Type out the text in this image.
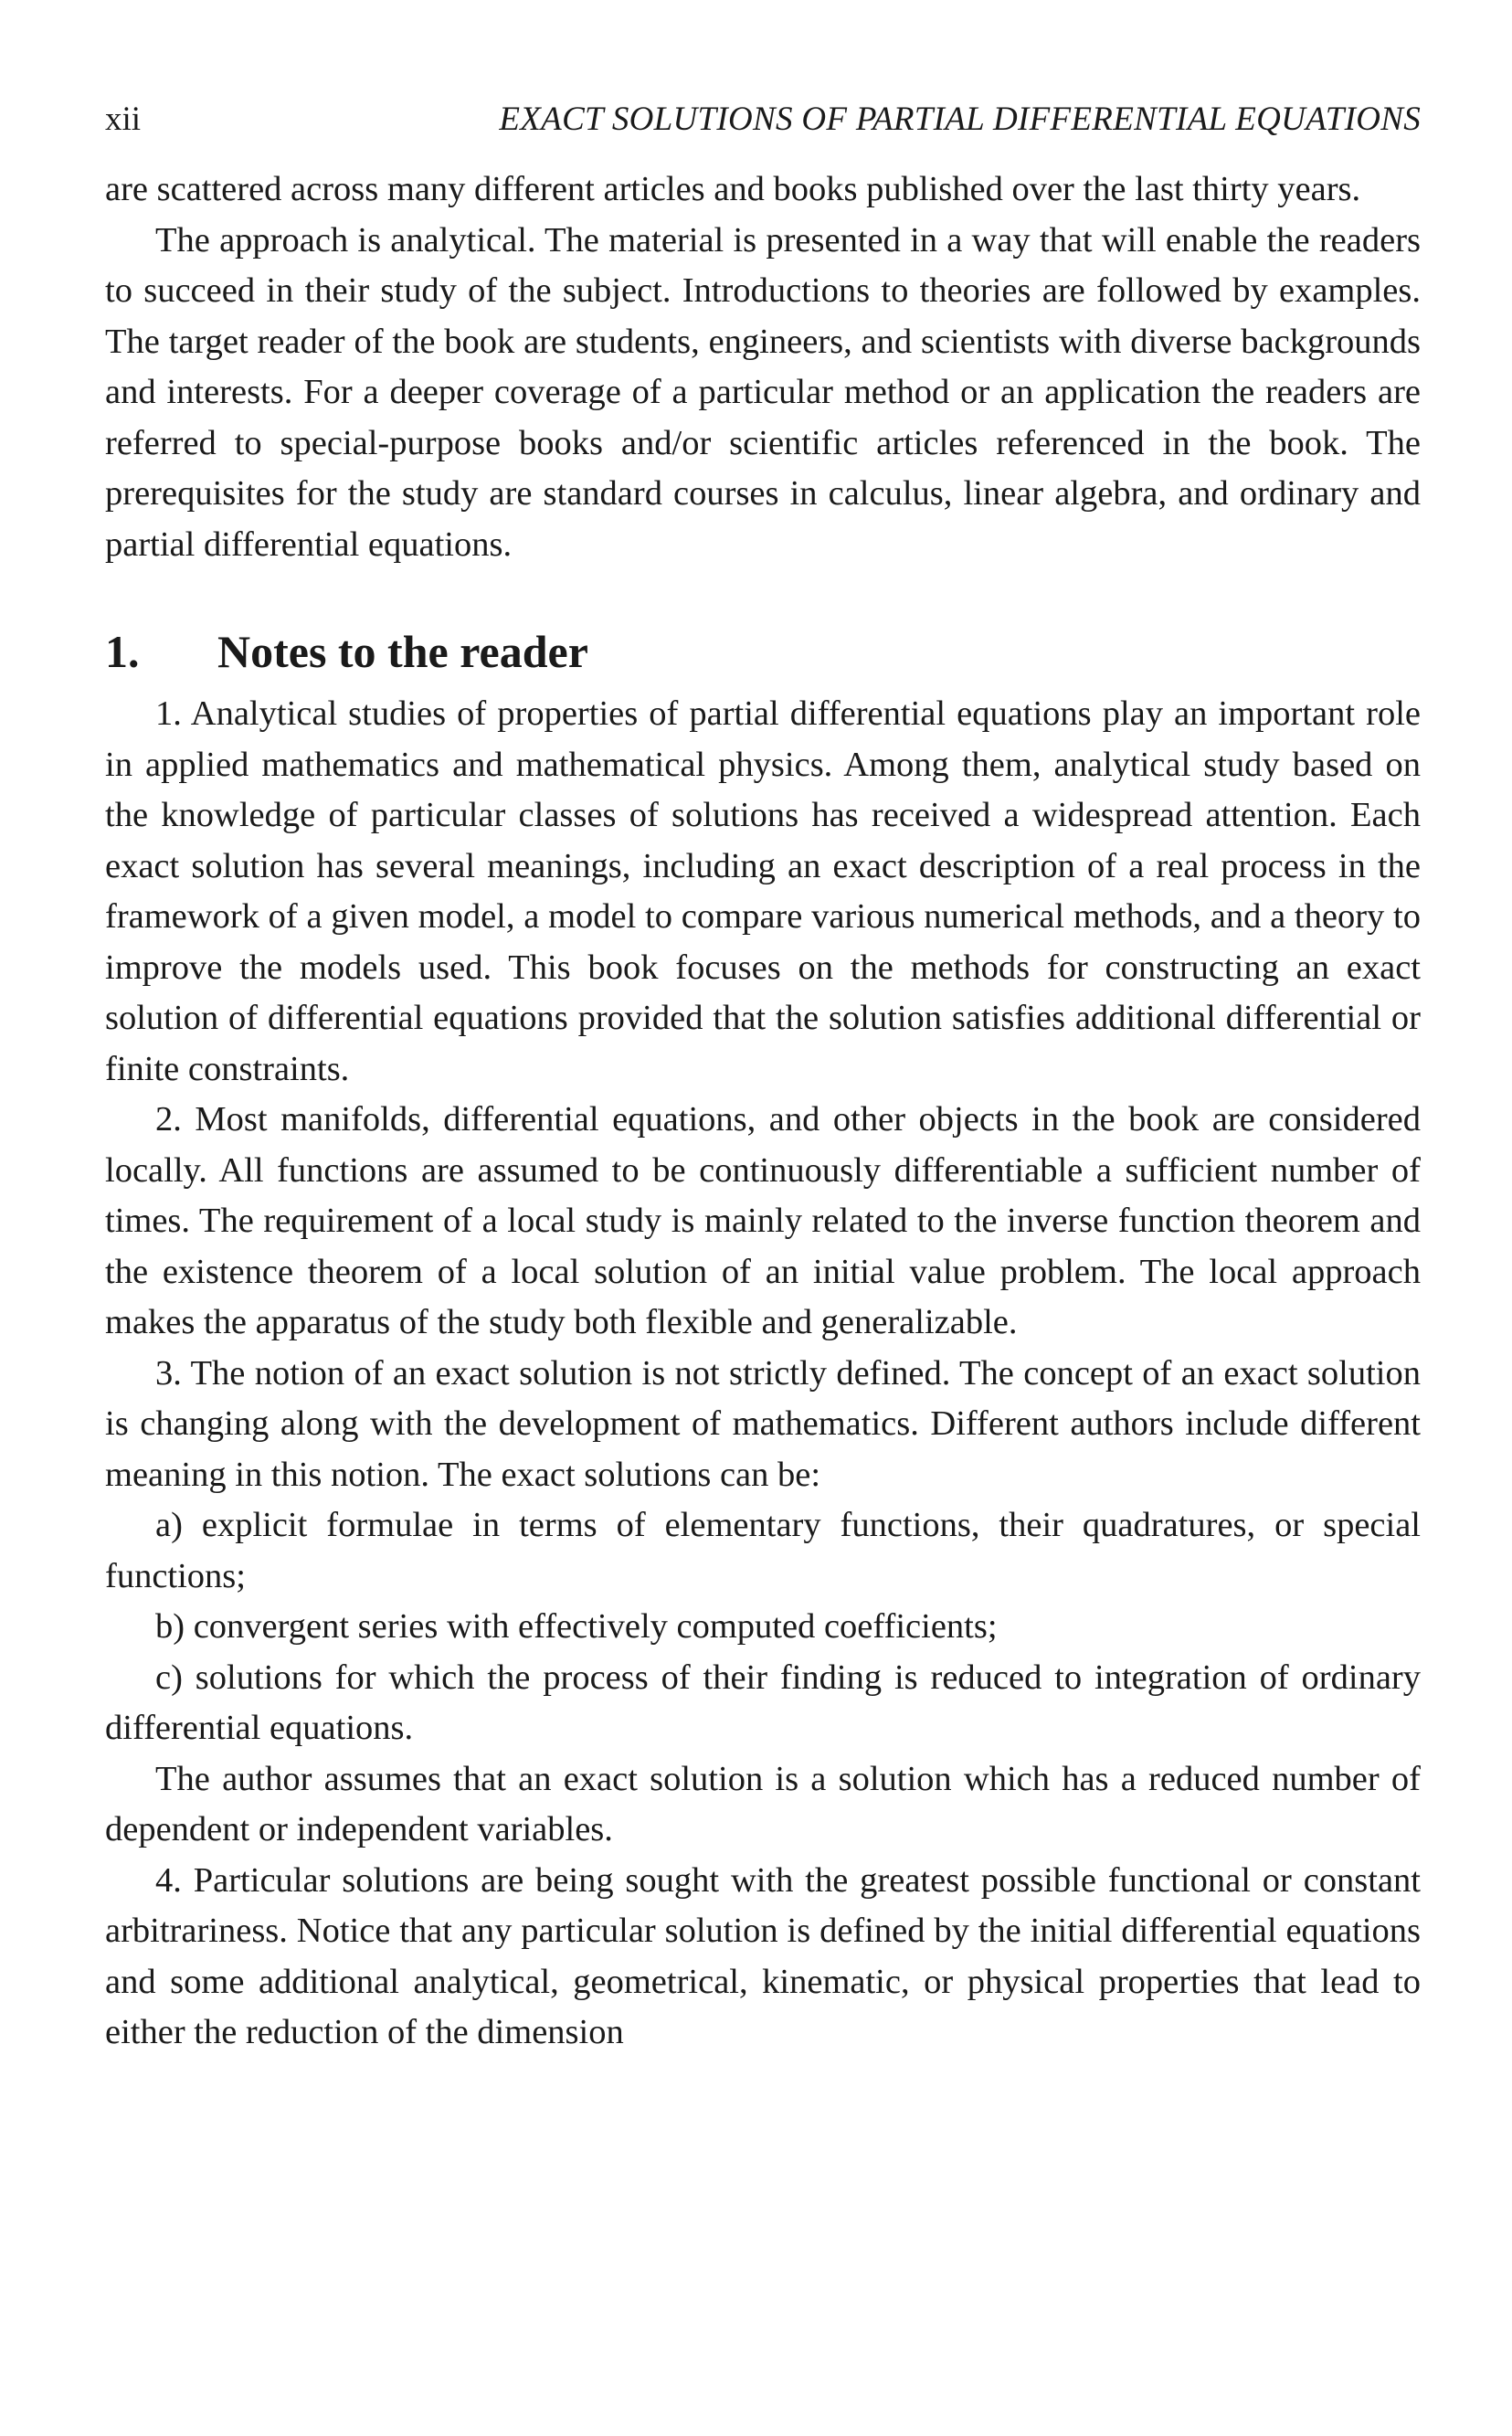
xii	EXACT SOLUTIONS OF PARTIAL DIFFERENTIAL EQUATIONS

are scattered across many different articles and books published over the last thirty years.

The approach is analytical. The material is presented in a way that will enable the readers to succeed in their study of the subject. Introductions to theories are followed by examples. The target reader of the book are students, engineers, and scientists with diverse backgrounds and interests. For a deeper coverage of a particular method or an application the readers are referred to special-purpose books and/or scientific articles referenced in the book. The prerequisites for the study are standard courses in calculus, linear algebra, and ordinary and partial differential equations.

1.	Notes to the reader

1. Analytical studies of properties of partial differential equations play an important role in applied mathematics and mathematical physics. Among them, analytical study based on the knowledge of particular classes of solutions has received a widespread attention. Each exact solution has several meanings, including an exact description of a real process in the framework of a given model, a model to compare various numerical methods, and a theory to improve the models used. This book focuses on the methods for constructing an exact solution of differential equations provided that the solution satisfies additional differential or finite constraints.

2. Most manifolds, differential equations, and other objects in the book are considered locally. All functions are assumed to be continuously differentiable a sufficient number of times. The requirement of a local study is mainly related to the inverse function theorem and the existence theorem of a local solution of an initial value problem. The local approach makes the apparatus of the study both flexible and generalizable.

3. The notion of an exact solution is not strictly defined. The concept of an exact solution is changing along with the development of mathematics. Different authors include different meaning in this notion. The exact solutions can be:

a) explicit formulae in terms of elementary functions, their quadratures, or special functions;

b) convergent series with effectively computed coefficients;

c) solutions for which the process of their finding is reduced to integration of ordinary differential equations.

The author assumes that an exact solution is a solution which has a reduced number of dependent or independent variables.

4. Particular solutions are being sought with the greatest possible functional or constant arbitrariness. Notice that any particular solution is defined by the initial differential equations and some additional analytical, geometrical, kinematic, or physical properties that lead to either the reduction of the dimension
